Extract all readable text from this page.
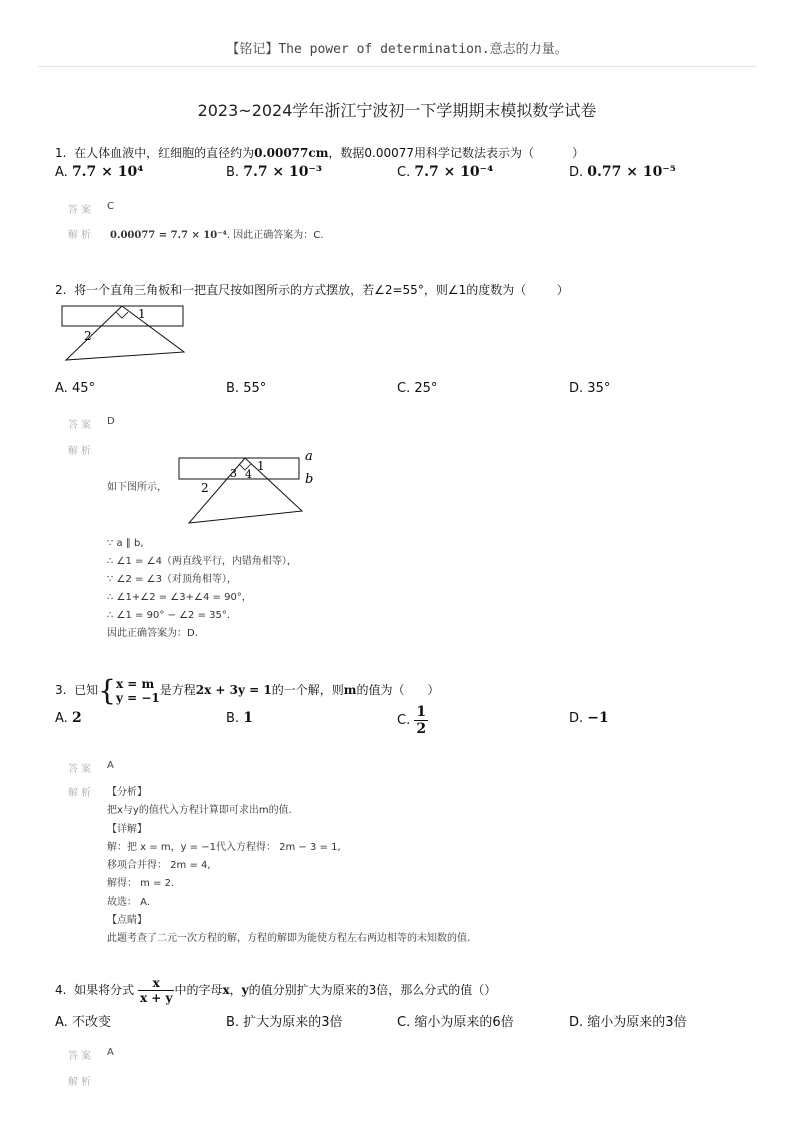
【铭记】The power of determination.意志的力量。
2023~2024学年浙江宁波初一下学期期末模拟数学试卷
1. 在人体血液中，红细胞的直径约为0.00077cm，数据0.00077用科学记数法表示为（	）
A. 7.7 × 10⁴	B. 7.7 × 10⁻³	C. 7.7 × 10⁻⁴	D. 0.77 × 10⁻⁵
答案 C
解析 0.00077 = 7.7 × 10⁻⁴. 因此正确答案为：C.
2. 将一个直角三角板和一把直尺按如图所示的方式摆放，若∠2=55°，则∠1的度数为（	）
1
2
A. 45°	B. 55°	C. 25°	D. 35°
答案 D
解析
如下图所示，
1
2
3 4
a
b
∵ a ∥ b,
∴ ∠1 = ∠4（两直线平行，内错角相等），
∵ ∠2 = ∠3（对顶角相等），
∴ ∠1+∠2 = ∠3+∠4 = 90°，
∴ ∠1 = 90° − ∠2 = 35°．
因此正确答案为：D.
3. 已知{ x = m
y = −1
是方程2x + 3y = 1的一个解，则m的值为（ ）
A. 2	B. 1	C. $\frac{1}{2}$	D. −1
答案 A
解析 【分析】
把x与y的值代入方程计算即可求出m的值.
【详解】
解：把 x = m，y = −1代入方程得： 2m − 3 = 1,
移项合并得： 2m = 4,
解得： m = 2.
故选： A.
【点睛】
此题考查了二元一次方程的解，方程的解即为能使方程左右两边相等的未知数的值.
4. 如果将分式 $\frac{x}{x + y}$ 中的字母x，y的值分别扩大为原来的3倍，那么分式的值（）
A. 不改变	B. 扩大为原来的3倍	C. 缩小为原来的6倍	D. 缩小为原来的3倍
答案 A
解析
